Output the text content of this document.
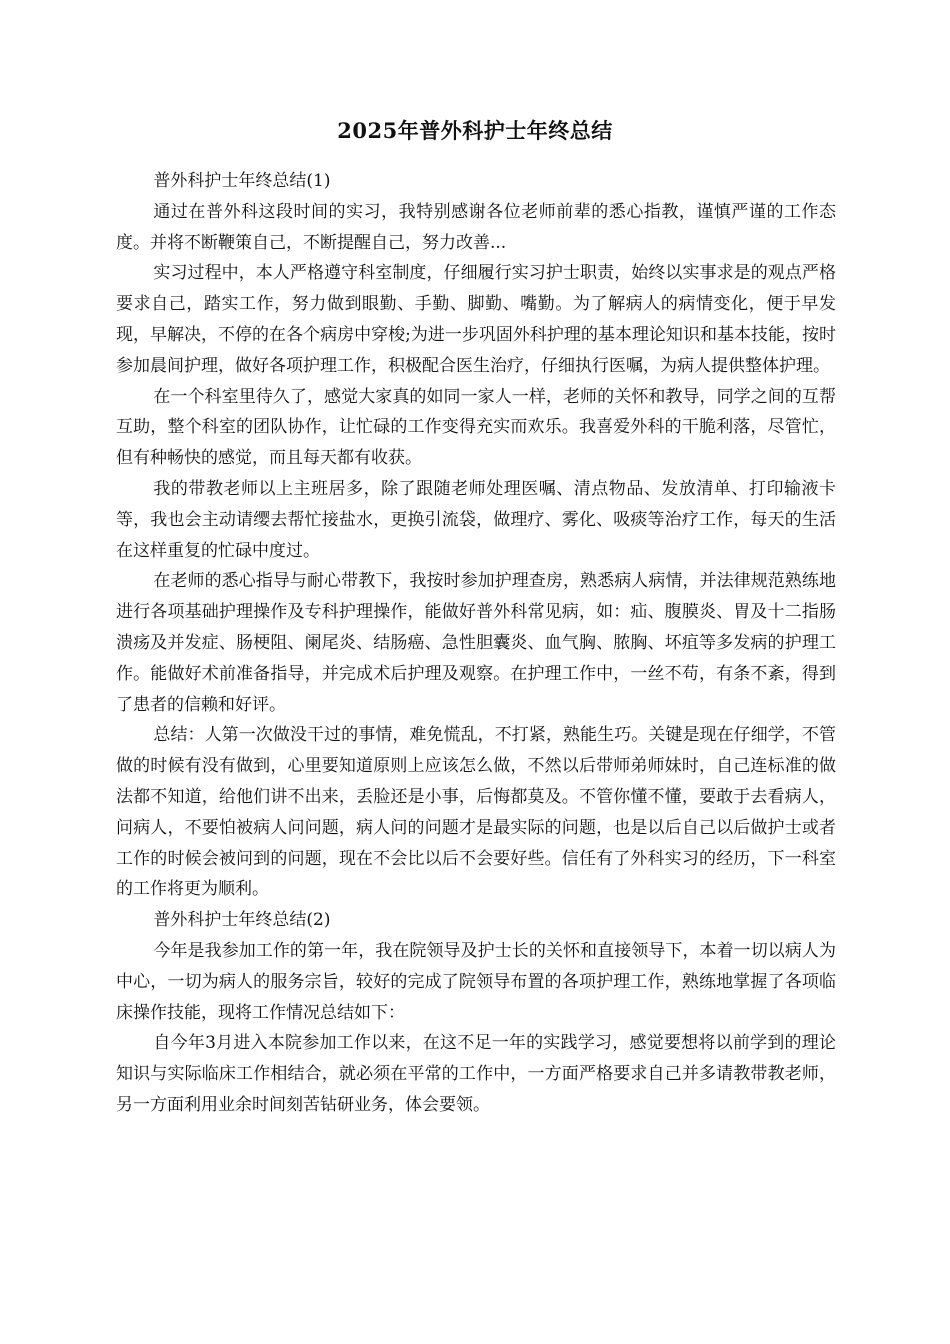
2025年普外科护士年终总结

普外科护士年终总结(1)

通过在普外科这段时间的实习，我特别感谢各位老师前辈的悉心指教，谨慎严谨的工作态度。并将不断鞭策自己，不断提醒自己，努力改善...

实习过程中，本人严格遵守科室制度，仔细履行实习护士职责，始终以实事求是的观点严格要求自己，踏实工作，努力做到眼勤、手勤、脚勤、嘴勤。为了解病人的病情变化，便于早发现，早解决，不停的在各个病房中穿梭;为进一步巩固外科护理的基本理论知识和基本技能，按时参加晨间护理，做好各项护理工作，积极配合医生治疗，仔细执行医嘱，为病人提供整体护理。

在一个科室里待久了，感觉大家真的如同一家人一样，老师的关怀和教导，同学之间的互帮互助，整个科室的团队协作，让忙碌的工作变得充实而欢乐。我喜爱外科的干脆利落，尽管忙，但有种畅快的感觉，而且每天都有收获。

我的带教老师以上主班居多，除了跟随老师处理医嘱、清点物品、发放清单、打印输液卡等，我也会主动请缨去帮忙接盐水，更换引流袋，做理疗、雾化、吸痰等治疗工作，每天的生活在这样重复的忙碌中度过。

在老师的悉心指导与耐心带教下，我按时参加护理查房，熟悉病人病情，并法律规范熟练地进行各项基础护理操作及专科护理操作，能做好普外科常见病，如：疝、腹膜炎、胃及十二指肠溃疡及并发症、肠梗阻、阑尾炎、结肠癌、急性胆囊炎、血气胸、脓胸、坏疽等多发病的护理工作。能做好术前准备指导，并完成术后护理及观察。在护理工作中，一丝不苟，有条不紊，得到了患者的信赖和好评。

总结：人第一次做没干过的事情，难免慌乱，不打紧，熟能生巧。关键是现在仔细学，不管做的时候有没有做到，心里要知道原则上应该怎么做，不然以后带师弟师妹时，自己连标准的做法都不知道，给他们讲不出来，丢脸还是小事，后悔都莫及。不管你懂不懂，要敢于去看病人，问病人，不要怕被病人问问题，病人问的问题才是最实际的问题，也是以后自己以后做护士或者工作的时候会被问到的问题，现在不会比以后不会要好些。信任有了外科实习的经历，下一科室的工作将更为顺利。

普外科护士年终总结(2)

今年是我参加工作的第一年，我在院领导及护士长的关怀和直接领导下，本着一切以病人为中心，一切为病人的服务宗旨，较好的完成了院领导布置的各项护理工作，熟练地掌握了各项临床操作技能，现将工作情况总结如下：

自今年3月进入本院参加工作以来，在这不足一年的实践学习，感觉要想将以前学到的理论知识与实际临床工作相结合，就必须在平常的工作中，一方面严格要求自己并多请教带教老师，另一方面利用业余时间刻苦钻研业务，体会要领。
